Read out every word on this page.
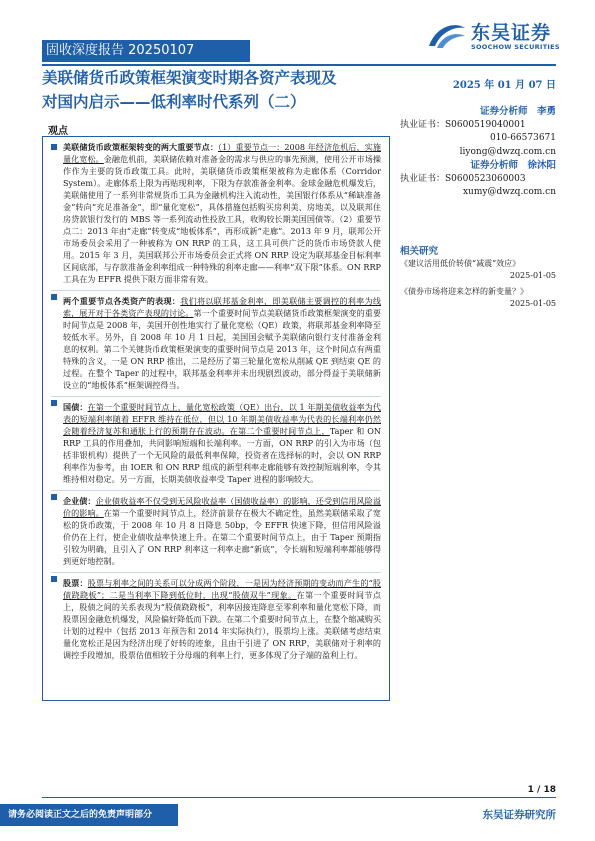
固收深度报告 20250107
东吴证券
SOOCHOW SECURITIES
美联储货币政策框架演变时期各资产表现及
对国内启示——低利率时代系列（二）
2025 年 01 月 07 日
证券分析师　李勇
执业证书：S0600519040001
010-66573671
liyong@dwzq.com.cn
证券分析师　徐沐阳
执业证书：S0600523060003
xumy@dwzq.com.cn
相关研究
《建议活用低价转债“减震”效应》
2025-01-05
《债券市场将迎来怎样的新变量？》
2025-01-05
观点
美联储货币政策框架转变的两大重要节点：（1）重要节点一：2008 年经济危机后，实施量化宽松。金融危机前，美联储依赖对准备金的需求与供应的事先预测，使用公开市场操作作为主要的货币政策工具。此时，美联储货币政策框架被称为走廊体系（Corridor System）。走廊体系上限为再贴现利率，下限为存款准备金利率。金球金融危机爆发后，美联储使用了一系列非常规货币工具为金融机构注入流动性，美国银行体系从“稀缺准备金”转向“充足准备金”，即“量化宽松”，具体措施包括购买房利美、房地美，以及联邦住房贷款银行发行的 MBS 等一系列流动性投放工具，收购较长期美国国债等。（2）重要节点二：2013 年由“走廊”转变成“地板体系”，再形成新“走廊”。2013 年 9 月，联邦公开市场委员会采用了一种被称为 ON RRP 的工具，这工具可供广泛的货币市场贷款人使用。2015 年 3 月，美国联邦公开市场委员会正式将 ON RRP 设定为联邦基金目标利率区间底部，与存款准备金利率组成一种特殊的利率走廊——利率“双下限”体系。ON RRP 工具在为 EFFR 提供下限方面非常有效。
两个重要节点各类资产的表现：我们将以联邦基金利率，即美联储主要调控的利率为线索，展开对于各类资产表现的讨论。第一个重要时间节点美联储货币政策框架演变的重要时间节点是 2008 年，美国开创性地实行了量化宽松（QE）政策，将联邦基金利率降至较低水平。另外，自 2008 年 10 月 1 日起，美国国会赋予美联储向银行支付准备金利息的权利。第二个关键货币政策框架演变的重要时间节点是 2013 年，这个时间点有两重特殊的含义，一是 ON RRP 推出，二是经历了第三轮量化宽松从削减 QE 到结束 QE 的过程。在整个 Taper 的过程中，联邦基金利率并未出现剧烈波动，部分得益于美联储新设立的“地板体系”框架调控得当。
国债：在第一个重要时间节点上，量化宽松政策（QE）出台，以 1 年期美债收益率为代表的短端利率随着 EFFR 维持在低位，但以 10 年期美债收益率为代表的长端利率仍然会随着经济复苏和通胀上行的预期存在波动。在第二个重要时间节点上，Taper 和 ON RRP 工具的作用叠加，共同影响短端和长端利率。一方面，ON RRP 的引入为市场（包括非银机构）提供了一个无风险的最低利率保障，投资者在选择标的时，会以 ON RRP 利率作为参考，由 IOER 和 ON RRP 组成的新型利率走廊能够有效控制短端利率，令其维持相对稳定。另一方面，长期美债收益率受 Taper 进程的影响较大。
企业债：企业债收益率不仅受到无风险收益率（国债收益率）的影响，还受到信用风险溢价的影响。在第一个重要时间节点上，经济前景存在极大不确定性，虽然美联储采取了宽松的货币政策，于 2008 年 10 月 8 日降息 50bp，令 EFFR 快速下降，但信用风险溢价仍在上行，使企业债收益率快速上升。在第二个重要时间节点上，由于 Taper 预期指引较为明确，且引入了 ON RRP 利率这一利率走廊“新底”，令长端和短端利率都能够得到更好地控制。
股票：股票与利率之间的关系可以分成两个阶段，一是因为经济预期的变动而产生的“股债跷跷板”；二是当利率下降到低位时，出现“股债双牛”现象。在第一个重要时间节点上，股债之间的关系表现为“股债跷跷板”，利率因接连降息至零利率和量化宽松下降，而股票因金融危机爆发，风险偏好降低而下跌。在第二个重要时间节点上，在整个缩减购买计划的过程中（包括 2013 年预告和 2014 年实际执行），股票均上涨。美联储考虑结束量化宽松正是因为经济出现了好转的迹象，且由于引进了 ON RRP，美联储对于利率的调控手段增加，股票估值相较于分母端的利率上行，更多体现了分子端的盈利上行。
1 / 18
请务必阅读正文之后的免责声明部分	东吴证券研究所
